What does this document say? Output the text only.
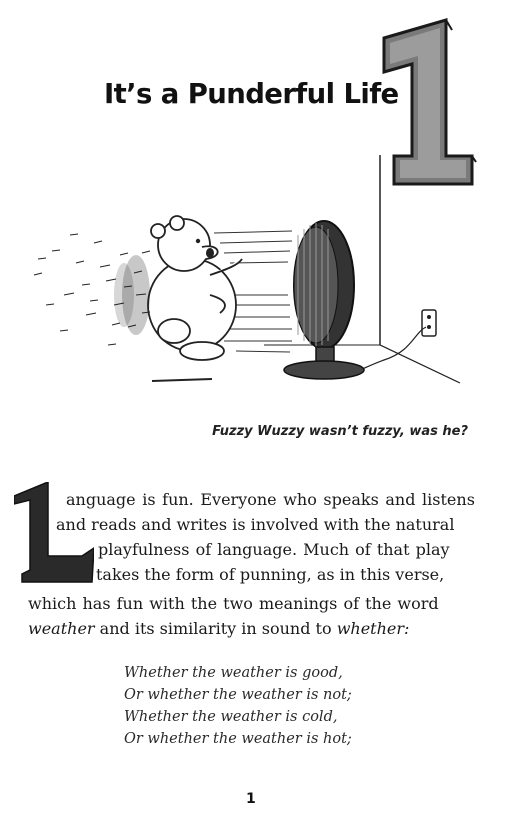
It’s a Punderful Life
Fuzzy Wuzzy wasn’t fuzzy, was he?
anguage is fun. Everyone who speaks and listens
and reads and writes is involved with the natural
playfulness of language. Much of that play
takes the form of punning, as in this verse,
which has fun with the two meanings of the word
weather and its similarity in sound to whether:
Whether the weather is good,
Or whether the weather is not;
Whether the weather is cold,
Or whether the weather is hot;
1
